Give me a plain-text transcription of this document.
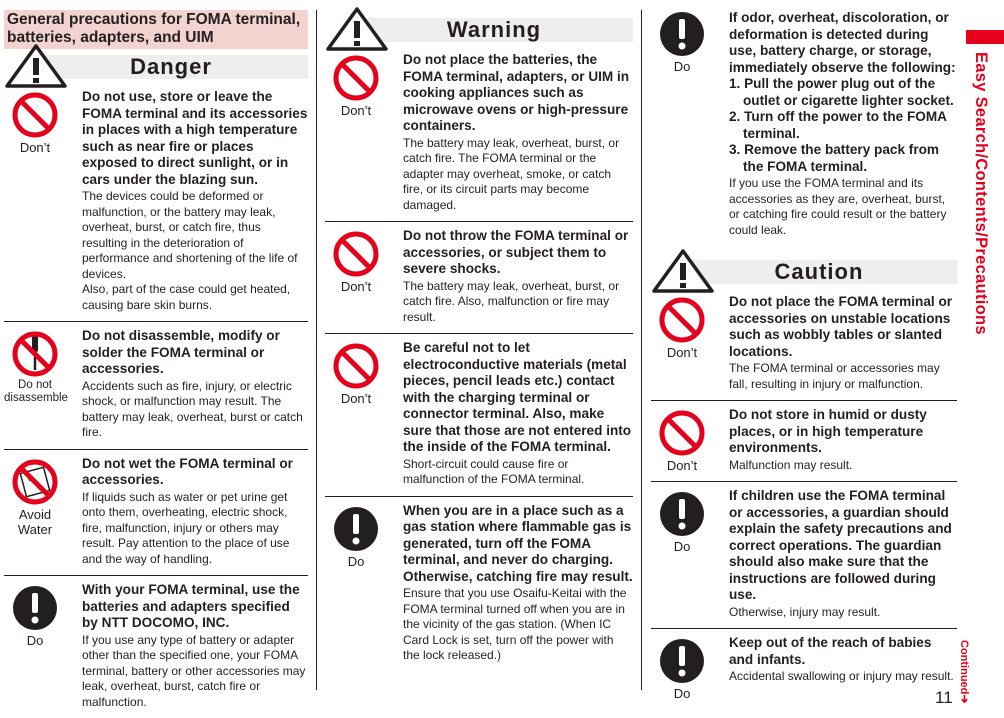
General precautions for FOMA terminal, batteries, adapters, and UIM
Danger
Don’t
Do not use, store or leave the FOMA terminal and its accessories in places with a high temperature such as near fire or places exposed to direct sunlight, or in cars under the blazing sun.
The devices could be deformed or malfunction, or the battery may leak, overheat, burst, or catch fire, thus resulting in the deterioration of performance and shortening of the life of devices.
Also, part of the case could get heated, causing bare skin burns.
Do not disassemble
Do not disassemble, modify or solder the FOMA terminal or accessories.
Accidents such as fire, injury, or electric shock, or malfunction may result. The battery may leak, overheat, burst or catch fire.
Avoid Water
Do not wet the FOMA terminal or accessories.
If liquids such as water or pet urine get onto them, overheating, electric shock, fire, malfunction, injury or others may result. Pay attention to the place of use and the way of handling.
Do
With your FOMA terminal, use the batteries and adapters specified by NTT DOCOMO, INC.
If you use any type of battery or adapter other than the specified one, your FOMA terminal, battery or other accessories may leak, overheat, burst, catch fire or malfunction.
Warning
Don’t
Do not place the batteries, the FOMA terminal, adapters, or UIM in cooking appliances such as microwave ovens or high-pressure containers.
The battery may leak, overheat, burst, or catch fire. The FOMA terminal or the adapter may overheat, smoke, or catch fire, or its circuit parts may become damaged.
Don’t
Do not throw the FOMA terminal or accessories, or subject them to severe shocks.
The battery may leak, overheat, burst, or catch fire. Also, malfunction or fire may result.
Don’t
Be careful not to let electroconductive materials (metal pieces, pencil leads etc.) contact with the charging terminal or connector terminal. Also, make sure that those are not entered into the inside of the FOMA terminal.
Short-circuit could cause fire or malfunction of the FOMA terminal.
Do
When you are in a place such as a gas station where flammable gas is generated, turn off the FOMA terminal, and never do charging. Otherwise, catching fire may result.
Ensure that you use Osaifu-Keitai with the FOMA terminal turned off when you are in the vicinity of the gas station. (When IC Card Lock is set, turn off the power with the lock released.)
Do
If odor, overheat, discoloration, or deformation is detected during use, battery charge, or storage, immediately observe the following:
1. Pull the power plug out of the outlet or cigarette lighter socket.
2. Turn off the power to the FOMA terminal.
3. Remove the battery pack from the FOMA terminal.
If you use the FOMA terminal and its accessories as they are, overheat, burst, or catching fire could result or the battery could leak.
Caution
Don’t
Do not place the FOMA terminal or accessories on unstable locations such as wobbly tables or slanted locations.
The FOMA terminal or accessories may fall, resulting in injury or malfunction.
Don’t
Do not store in humid or dusty places, or in high temperature environments.
Malfunction may result.
Do
If children use the FOMA terminal or accessories, a guardian should explain the safety precautions and correct operations. The guardian should also make sure that the instructions are followed during use.
Otherwise, injury may result.
Do
Keep out of the reach of babies and infants.
Accidental swallowing or injury may result.
Easy Search/Contents/Precautions
Continued➔
11
